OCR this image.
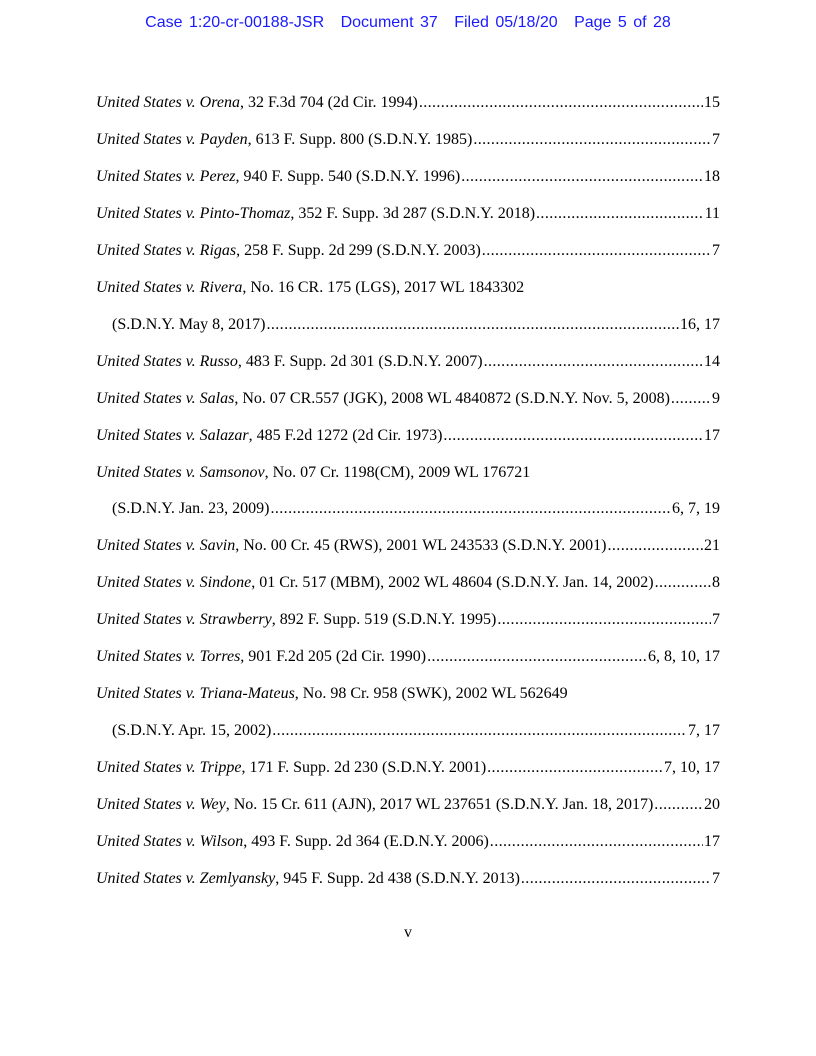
Case 1:20-cr-00188-JSR Document 37 Filed 05/18/20 Page 5 of 28
United States v. Orena , 32 F.3d 704 (2d Cir. 1994) .....	15
United States v. Payden , 613 F. Supp. 800 (S.D.N.Y. 1985) .....	7
United States v. Perez , 940 F. Supp. 540 (S.D.N.Y. 1996) .....	18
United States v. Pinto-Thomaz , 352 F. Supp. 3d 287 (S.D.N.Y. 2018) .....	11
United States v. Rigas , 258 F. Supp. 2d 299 (S.D.N.Y. 2003) .....	7
United States v. Rivera , No. 16 CR. 175 (LGS), 2017 WL 1843302
(S.D.N.Y. May 8, 2017) .....	16, 17
United States v. Russo , 483 F. Supp. 2d 301 (S.D.N.Y. 2007) .....	14
United States v. Salas , No. 07 CR.557 (JGK), 2008 WL 4840872 (S.D.N.Y. Nov. 5, 2008) .....	9
United States v. Salazar , 485 F.2d 1272 (2d Cir. 1973) .....	17
United States v. Samsonov , No. 07 Cr. 1198(CM), 2009 WL 176721
(S.D.N.Y. Jan. 23, 2009) .....	6, 7, 19
United States v. Savin , No. 00 Cr. 45 (RWS), 2001 WL 243533 (S.D.N.Y. 2001) .....	21
United States v. Sindone , 01 Cr. 517 (MBM), 2002 WL 48604 (S.D.N.Y. Jan. 14, 2002) .....	8
United States v. Strawberry , 892 F. Supp. 519 (S.D.N.Y. 1995) .....	7
United States v. Torres , 901 F.2d 205 (2d Cir. 1990) .....	6, 8, 10, 17
United States v. Triana-Mateus , No. 98 Cr. 958 (SWK), 2002 WL 562649
(S.D.N.Y. Apr. 15, 2002) .....	7, 17
United States v. Trippe , 171 F. Supp. 2d 230 (S.D.N.Y. 2001) .....	7, 10, 17
United States v. Wey , No. 15 Cr. 611 (AJN), 2017 WL 237651 (S.D.N.Y. Jan. 18, 2017) .....	20
United States v. Wilson , 493 F. Supp. 2d 364 (E.D.N.Y. 2006) .....	17
United States v. Zemlyansky , 945 F. Supp. 2d 438 (S.D.N.Y. 2013) .....	7
v
